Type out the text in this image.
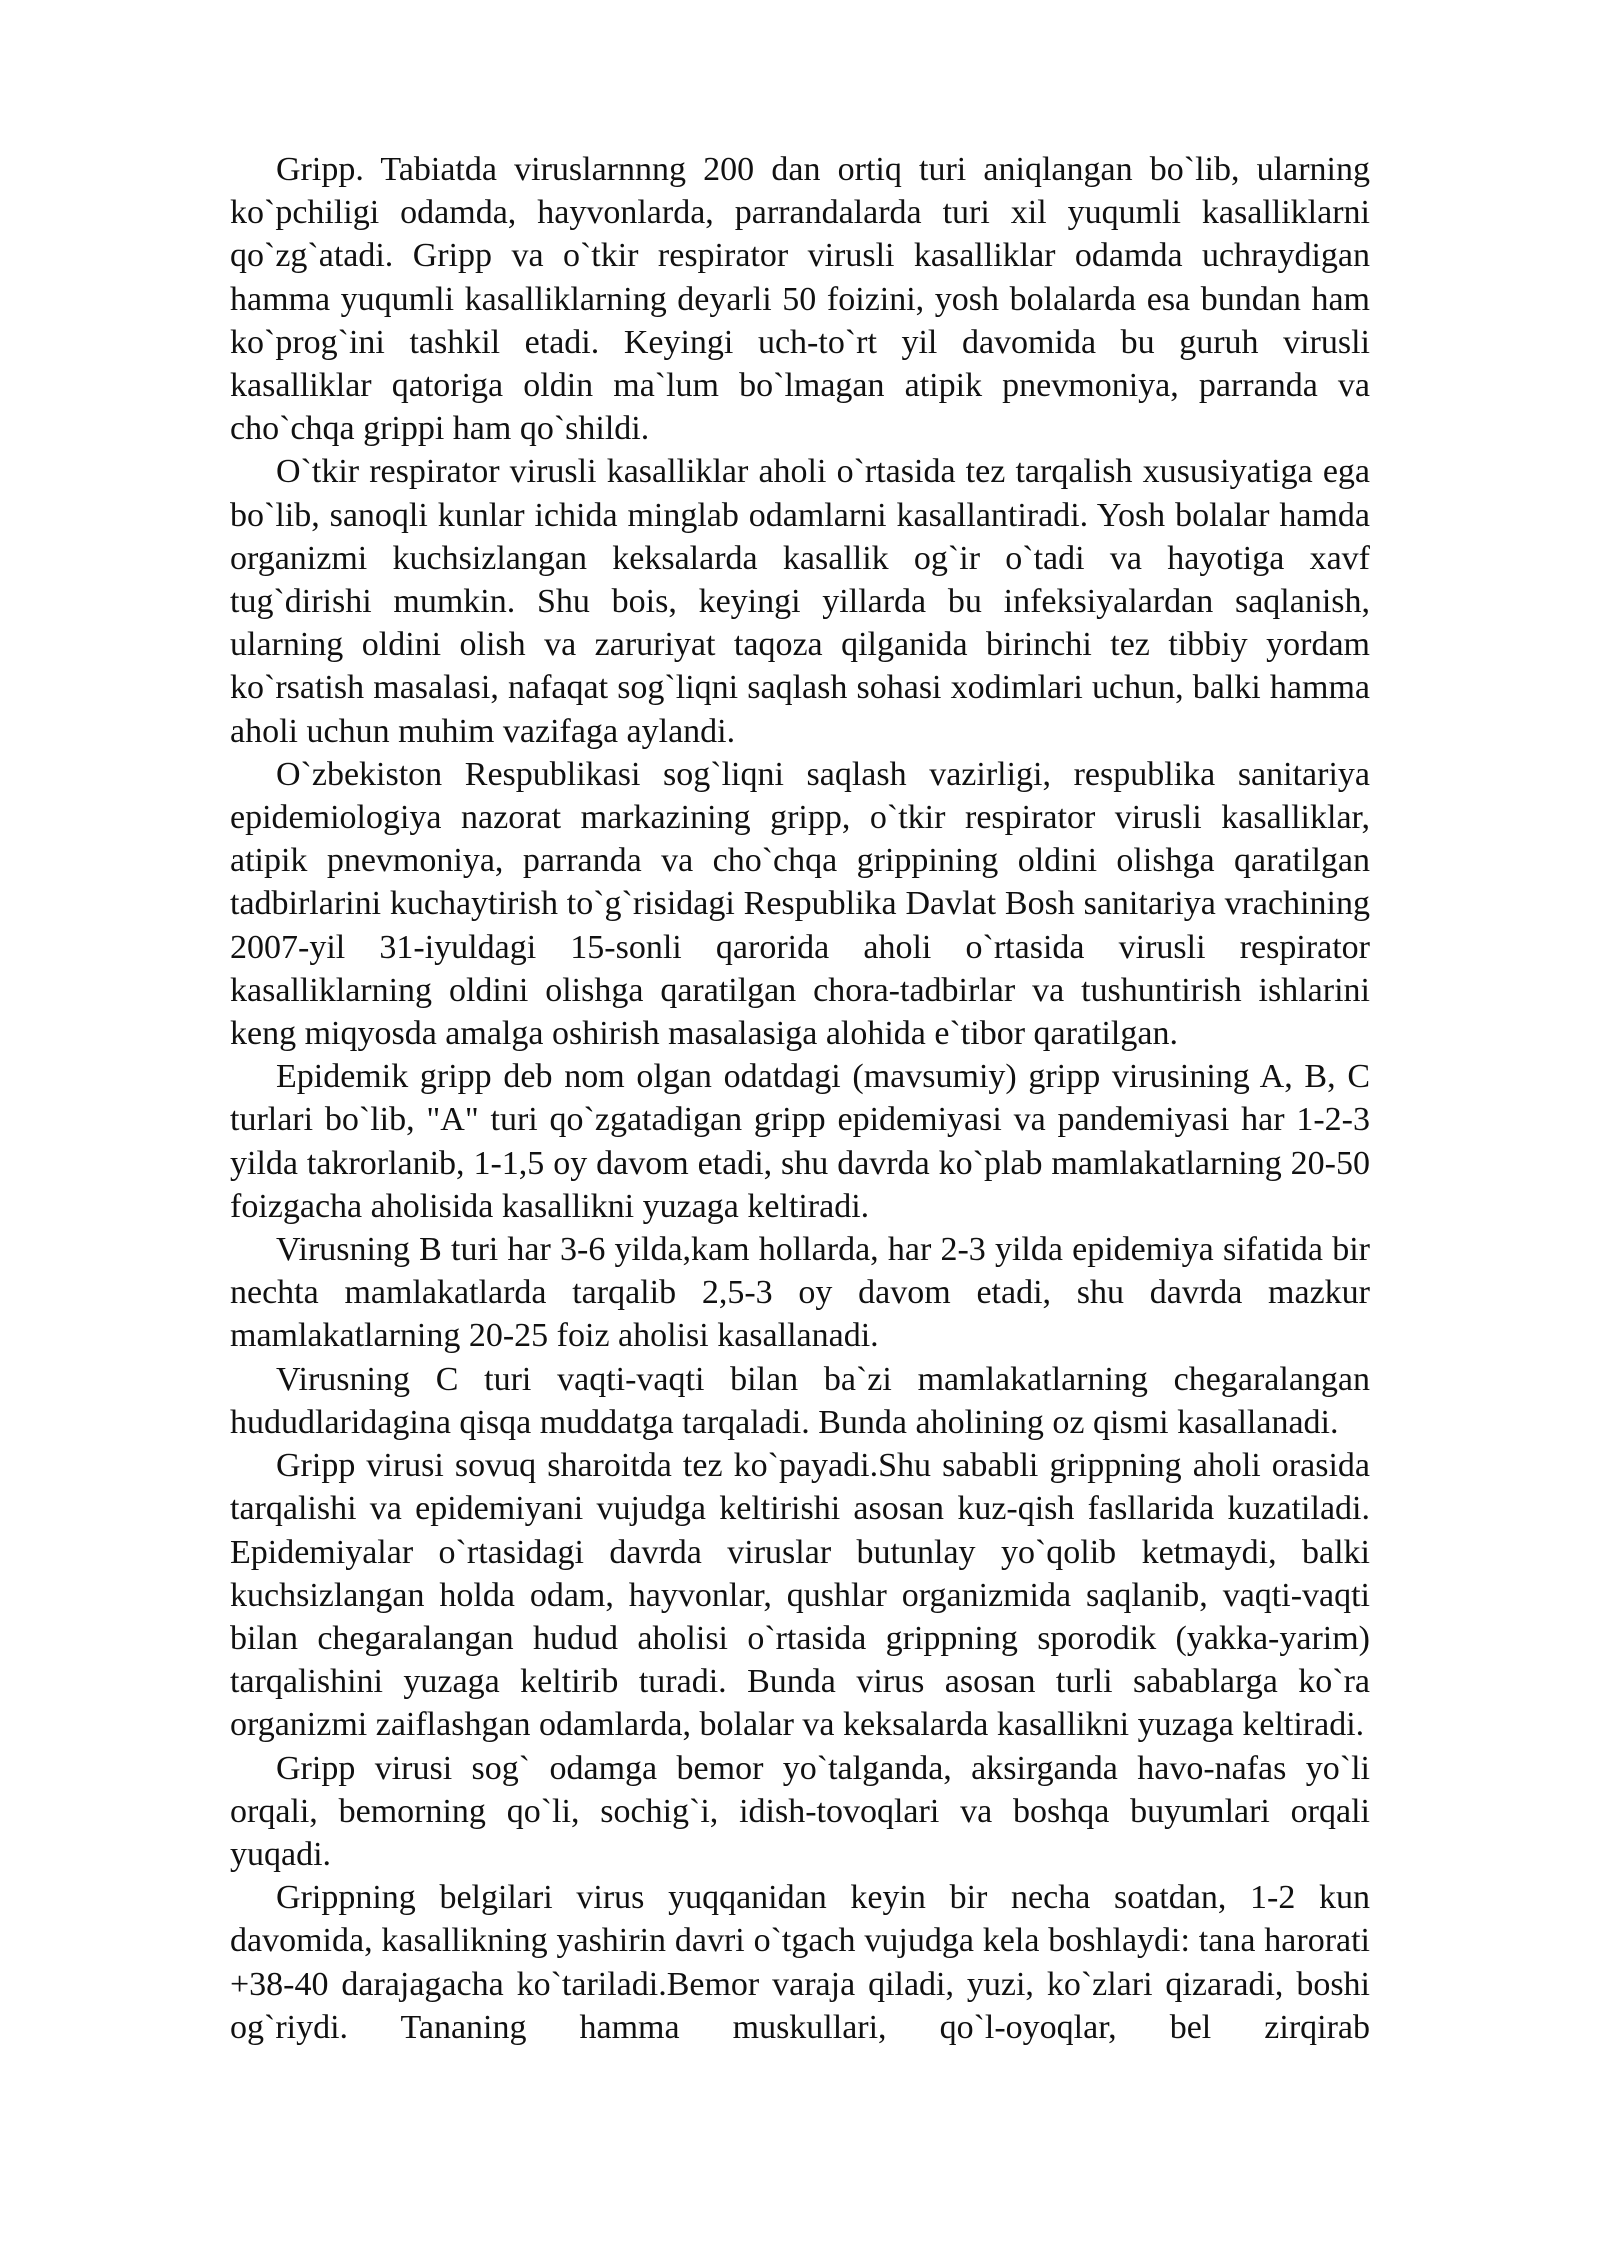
Gripp. Tabiatda viruslarnnng 200 dan ortiq turi aniqlangan bo`lib, ularning ko`pchiligi odamda, hayvonlarda, parrandalarda turi xil yuqumli kasalliklarni qo`zg`atadi. Gripp va o`tkir respirator virusli kasalliklar odamda uchraydigan hamma yuqumli kasalliklarning deyarli 50 foizini, yosh bolalarda esa bundan ham ko`prog`ini tashkil etadi. Keyingi uch-to`rt yil davomida bu guruh virusli kasalliklar qatoriga oldin ma`lum bo`lmagan atipik pnevmoniya, parranda va cho`chqa grippi ham qo`shildi.

O`tkir respirator virusli kasalliklar aholi o`rtasida tez tarqalish xususiyatiga ega bo`lib, sanoqli kunlar ichida minglab odamlarni kasallantiradi. Yosh bolalar hamda organizmi kuchsizlangan keksalarda kasallik og`ir o`tadi va hayotiga xavf tug`dirishi mumkin. Shu bois, keyingi yillarda bu infeksiyalardan saqlanish, ularning oldini olish va zaruriyat taqoza qilganida birinchi tez tibbiy yordam ko`rsatish masalasi, nafaqat sog`liqni saqlash sohasi xodimlari uchun, balki hamma aholi uchun muhim vazifaga aylandi.

O`zbekiston Respublikasi sog`liqni saqlash vazirligi, respublika sanitariya epidemiologiya nazorat markazining gripp, o`tkir respirator virusli kasalliklar, atipik pnevmoniya, parranda va cho`chqa grippining oldini olishga qaratilgan tadbirlarini kuchaytirish to`g`risidagi Respublika Davlat Bosh sanitariya vrachining 2007-yil 31-iyuldagi 15-sonli qarorida aholi o`rtasida virusli respirator kasalliklarning oldini olishga qaratilgan chora-tadbirlar va tushuntirish ishlarini keng miqyosda amalga oshirish masalasiga alohida e`tibor qaratilgan.

Epidemik gripp deb nom olgan odatdagi (mavsumiy) gripp virusining A, B, C turlari bo`lib, "A" turi qo`zgatadigan gripp epidemiyasi va pandemiyasi har 1-2-3 yilda takrorlanib, 1-1,5 oy davom etadi, shu davrda ko`plab mamlakatlarning 20-50 foizgacha aholisida kasallikni yuzaga keltiradi.

Virusning B turi har 3-6 yilda,kam hollarda, har 2-3 yilda epidemiya sifatida bir nechta mamlakatlarda tarqalib 2,5-3 oy davom etadi, shu davrda mazkur mamlakatlarning 20-25 foiz aholisi kasallanadi.

Virusning C turi vaqti-vaqti bilan ba`zi mamlakatlarning chegaralangan hududlaridagina qisqa muddatga tarqaladi. Bunda aholining oz qismi kasallanadi.

Gripp virusi sovuq sharoitda tez ko`payadi.Shu sababli grippning aholi orasida tarqalishi va epidemiyani vujudga keltirishi asosan kuz-qish fasllarida kuzatiladi. Epidemiyalar o`rtasidagi davrda viruslar butunlay yo`qolib ketmaydi, balki kuchsizlangan holda odam, hayvonlar, qushlar organizmida saqlanib, vaqti-vaqti bilan chegaralangan hudud aholisi o`rtasida grippning sporodik (yakka-yarim) tarqalishini yuzaga keltirib turadi. Bunda virus asosan turli sabablarga ko`ra organizmi zaiflashgan odamlarda, bolalar va keksalarda kasallikni yuzaga keltiradi.

Gripp virusi sog` odamga bemor yo`talganda, aksirganda havo-nafas yo`li orqali, bemorning qo`li, sochig`i, idish-tovoqlari va boshqa buyumlari orqali yuqadi.

Grippning belgilari virus yuqqanidan keyin bir necha soatdan, 1-2 kun davomida, kasallikning yashirin davri o`tgach vujudga kela boshlaydi: tana harorati +38-40 darajagacha ko`tariladi.Bemor varaja qiladi, yuzi, ko`zlari qizaradi, boshi og`riydi. Tananing hamma muskullari, qo`l-oyoqlar, bel zirqirab
